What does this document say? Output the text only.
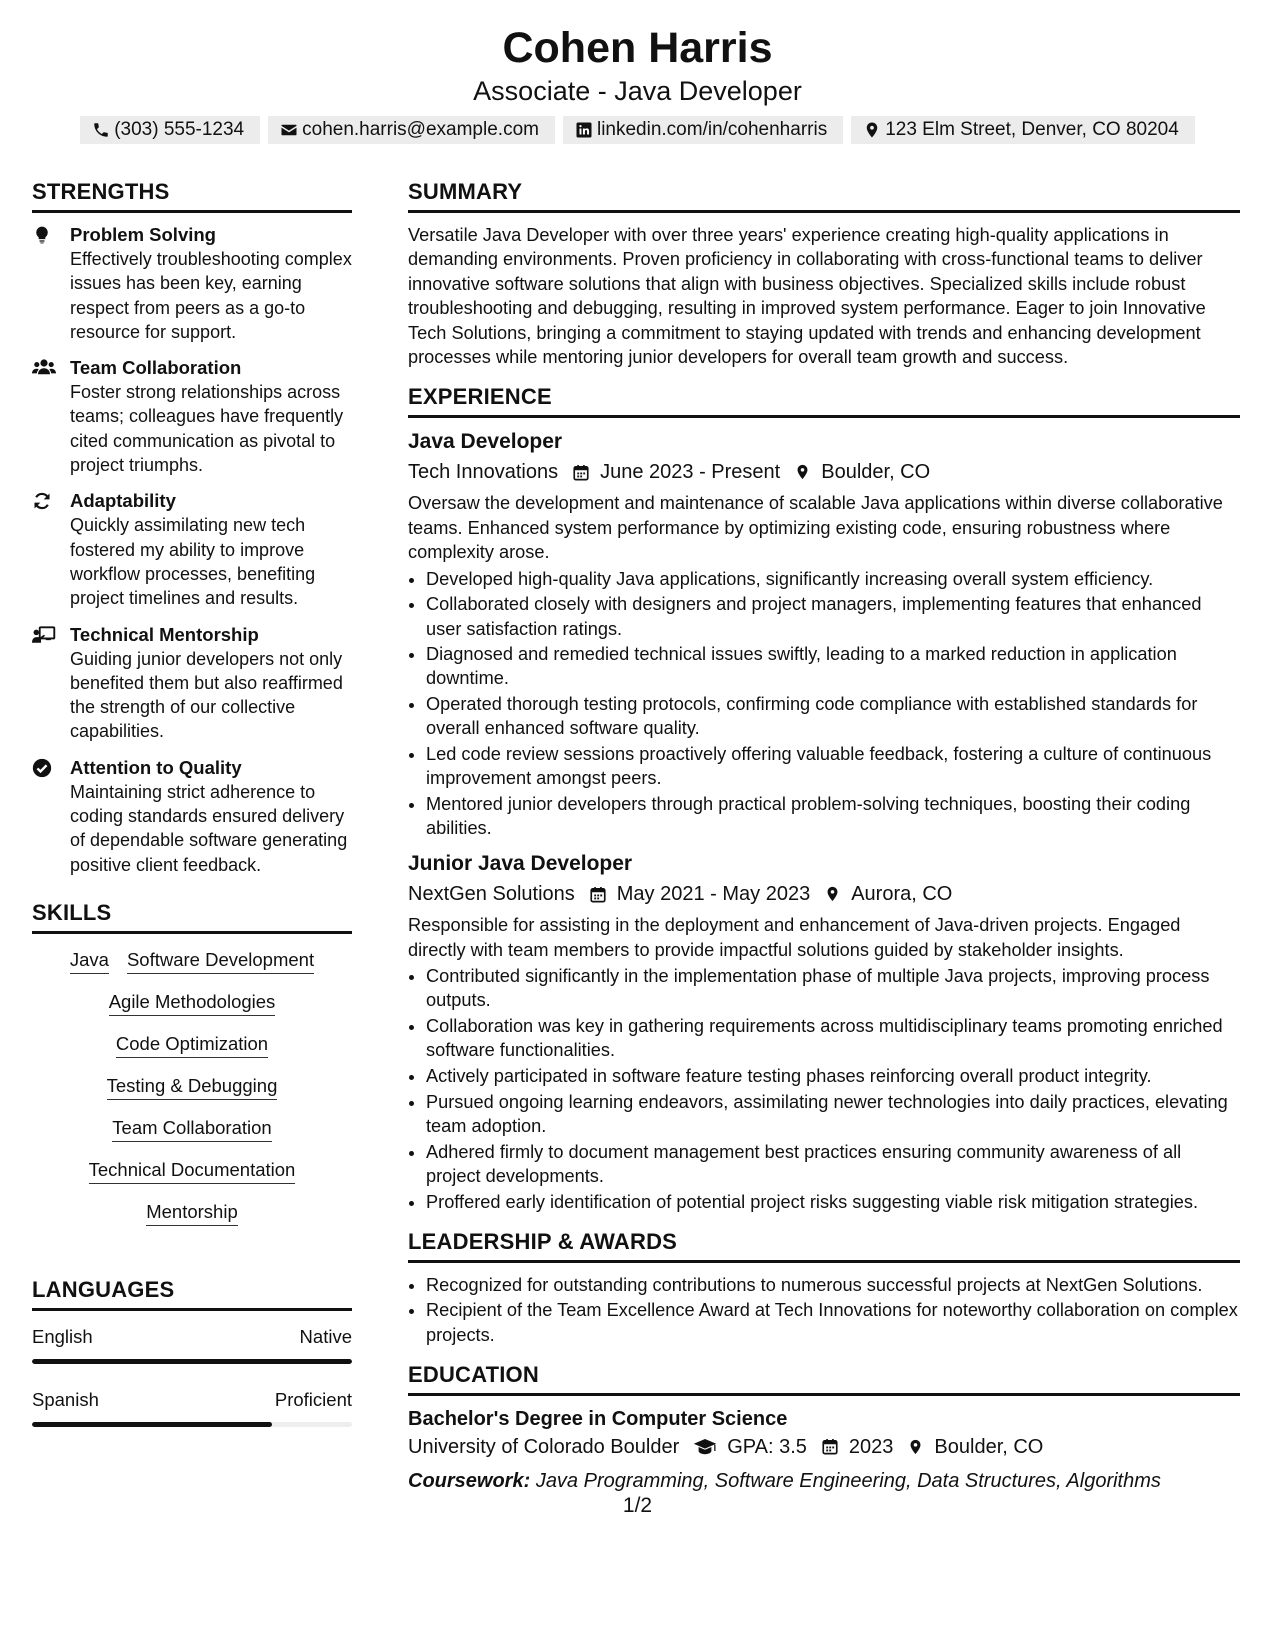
Cohen Harris
Associate - Java Developer
(303) 555-1234	cohen.harris@example.com	linkedin.com/in/cohenharris	123 Elm Street, Denver, CO 80204
STRENGTHS
Problem Solving
Effectively troubleshooting complex issues has been key, earning respect from peers as a go-to resource for support.
Team Collaboration
Foster strong relationships across teams; colleagues have frequently cited communication as pivotal to project triumphs.
Adaptability
Quickly assimilating new tech fostered my ability to improve workflow processes, benefiting project timelines and results.
Technical Mentorship
Guiding junior developers not only benefited them but also reaffirmed the strength of our collective capabilities.
Attention to Quality
Maintaining strict adherence to coding standards ensured delivery of dependable software generating positive client feedback.
SKILLS
Java Software Development
Agile Methodologies
Code Optimization
Testing & Debugging
Team Collaboration
Technical Documentation
Mentorship
LANGUAGES
English	Native
Spanish	Proficient
SUMMARY
Versatile Java Developer with over three years' experience creating high-quality applications in demanding environments. Proven proficiency in collaborating with cross-functional teams to deliver innovative software solutions that align with business objectives. Specialized skills include robust troubleshooting and debugging, resulting in improved system performance. Eager to join Innovative Tech Solutions, bringing a commitment to staying updated with trends and enhancing development processes while mentoring junior developers for overall team growth and success.
EXPERIENCE
Java Developer
Tech Innovations June 2023 - Present Boulder, CO
Oversaw the development and maintenance of scalable Java applications within diverse collaborative teams. Enhanced system performance by optimizing existing code, ensuring robustness where complexity arose.
• Developed high-quality Java applications, significantly increasing overall system efficiency.
• Collaborated closely with designers and project managers, implementing features that enhanced user satisfaction ratings.
• Diagnosed and remedied technical issues swiftly, leading to a marked reduction in application downtime.
• Operated thorough testing protocols, confirming code compliance with established standards for overall enhanced software quality.
• Led code review sessions proactively offering valuable feedback, fostering a culture of continuous improvement amongst peers.
• Mentored junior developers through practical problem-solving techniques, boosting their coding abilities.
Junior Java Developer
NextGen Solutions May 2021 - May 2023 Aurora, CO
Responsible for assisting in the deployment and enhancement of Java-driven projects. Engaged directly with team members to provide impactful solutions guided by stakeholder insights.
• Contributed significantly in the implementation phase of multiple Java projects, improving process outputs.
• Collaboration was key in gathering requirements across multidisciplinary teams promoting enriched software functionalities.
• Actively participated in software feature testing phases reinforcing overall product integrity.
• Pursued ongoing learning endeavors, assimilating newer technologies into daily practices, elevating team adoption.
• Adhered firmly to document management best practices ensuring community awareness of all project developments.
• Proffered early identification of potential project risks suggesting viable risk mitigation strategies.
LEADERSHIP & AWARDS
• Recognized for outstanding contributions to numerous successful projects at NextGen Solutions.
• Recipient of the Team Excellence Award at Tech Innovations for noteworthy collaboration on complex projects.
EDUCATION
Bachelor's Degree in Computer Science
University of Colorado Boulder GPA: 3.5 2023 Boulder, CO
Coursework: Java Programming, Software Engineering, Data Structures, Algorithms
1/2
